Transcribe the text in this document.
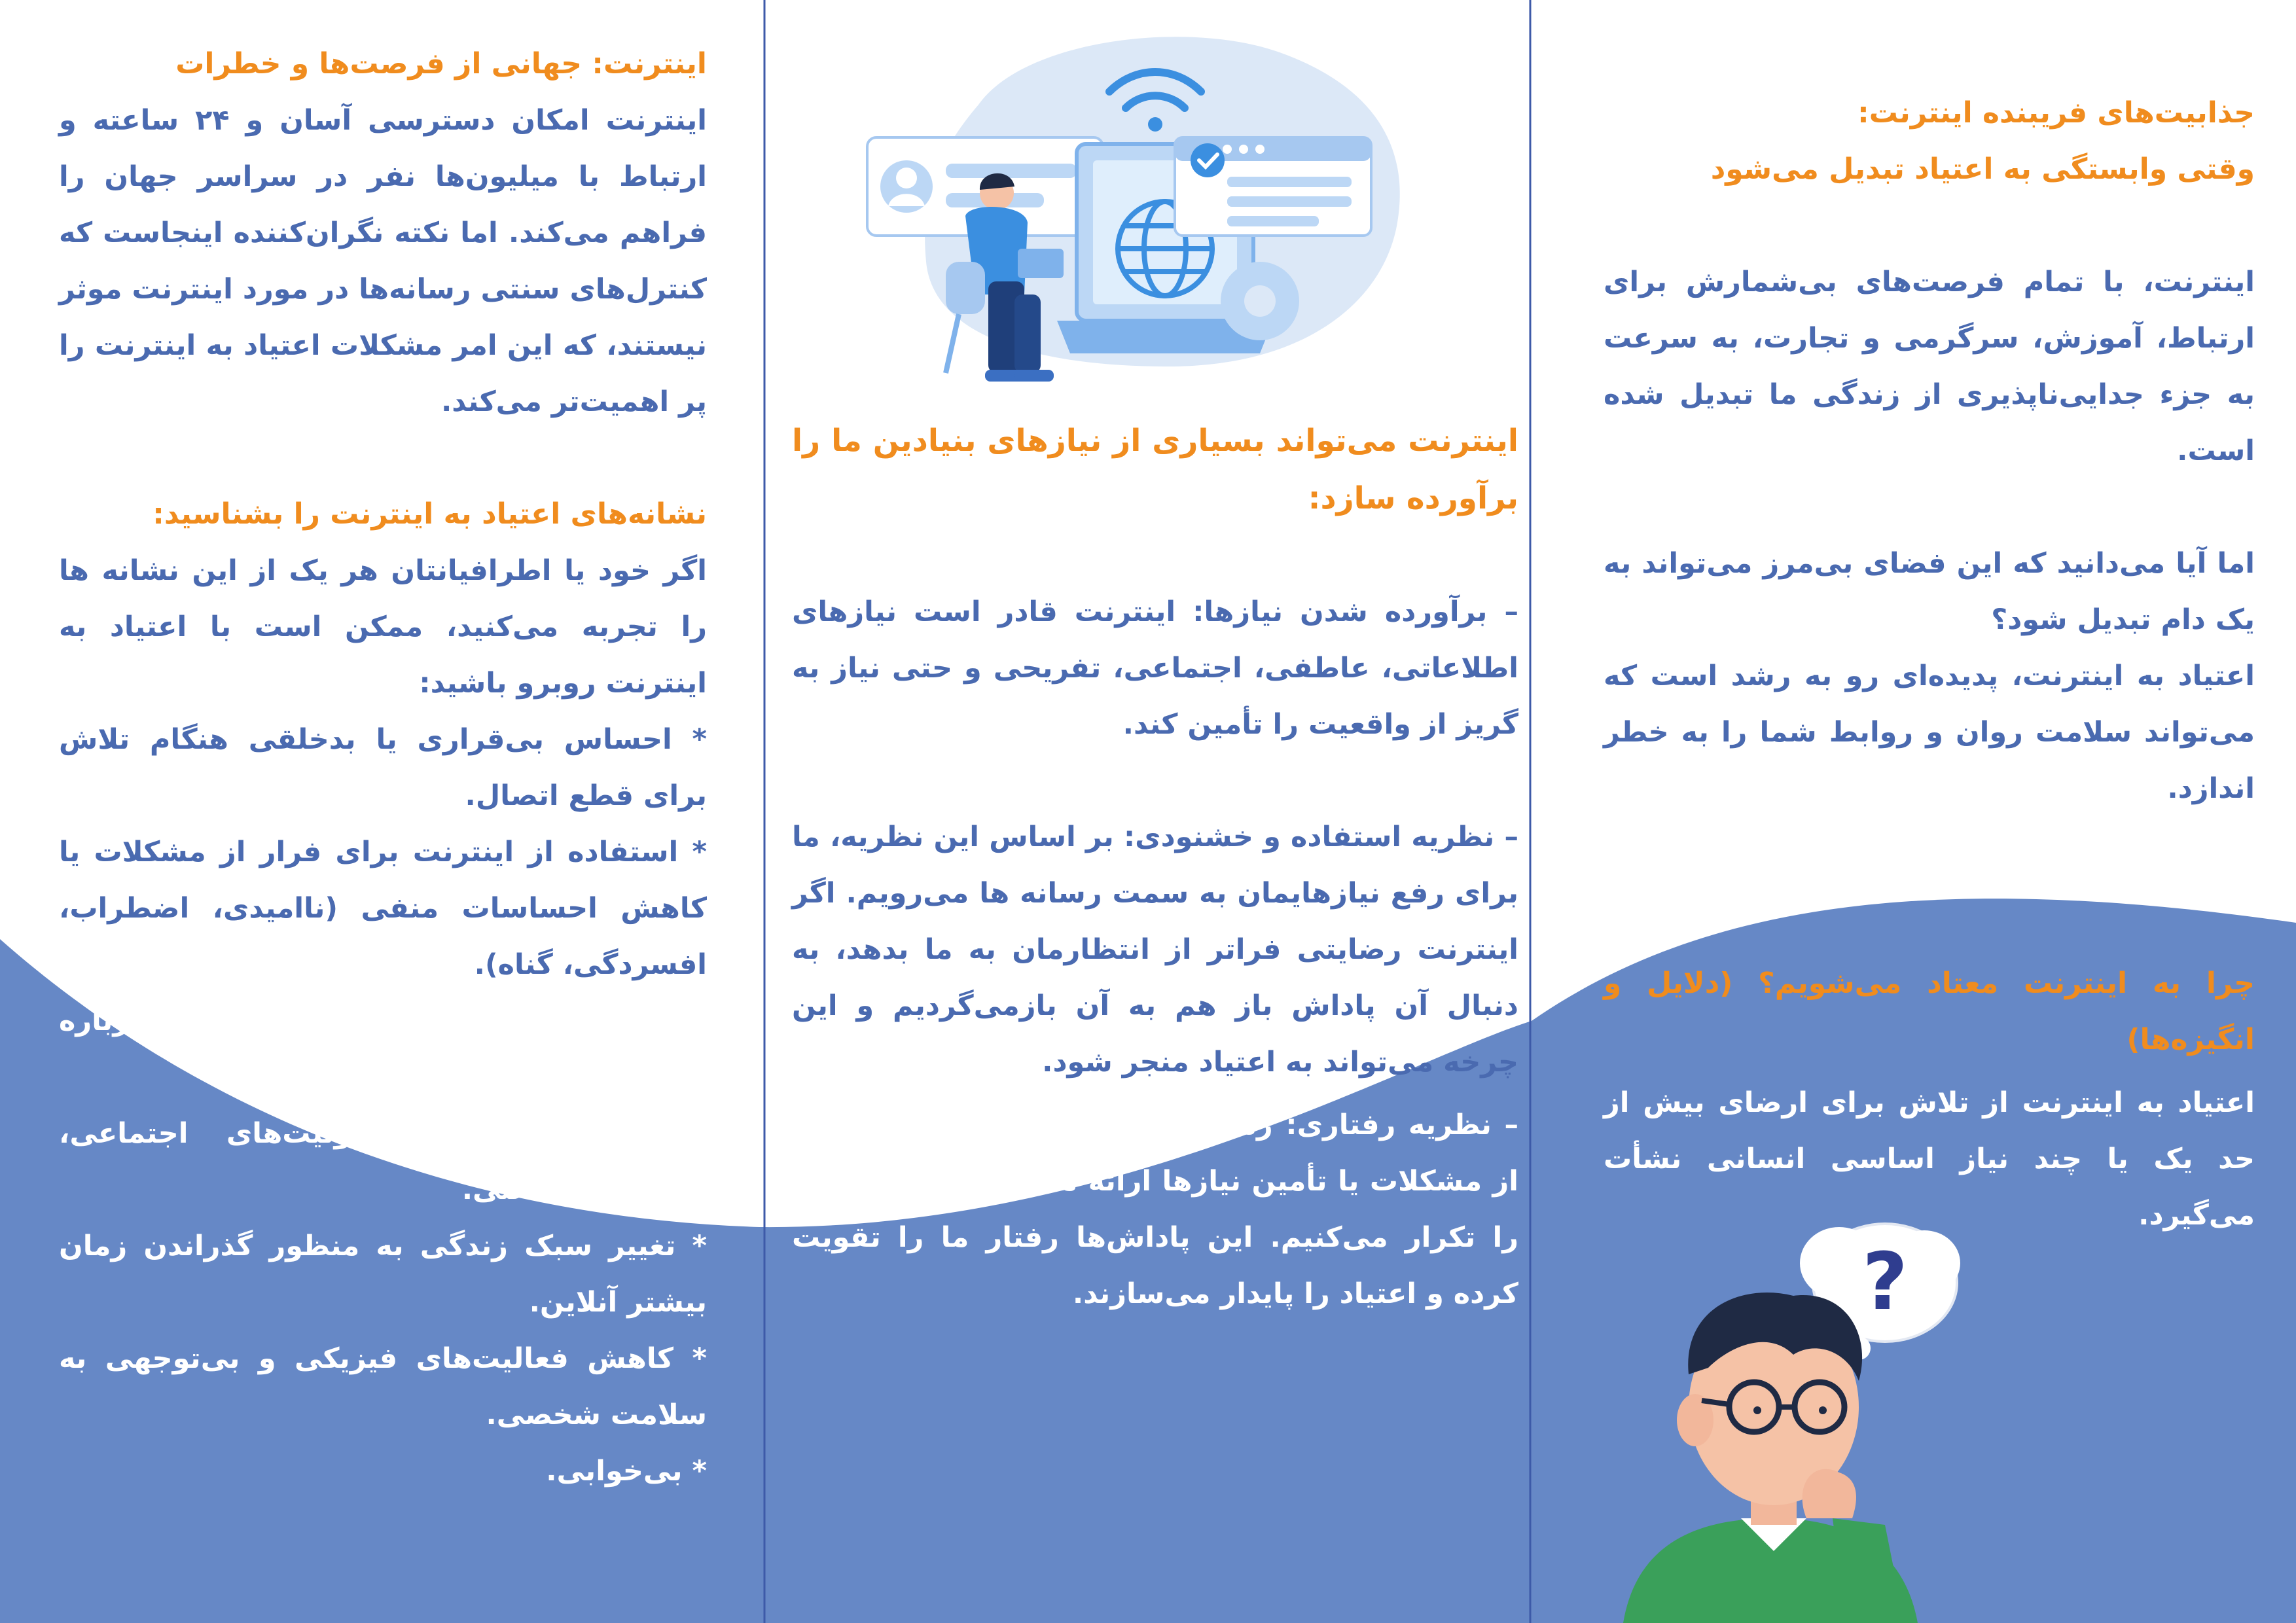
جذابیت‌های فریبنده اینترنت:

وقتی وابستگی به اعتیاد تبدیل می‌شود

اینترنت، با تمام فرصت‌های بی‌شمارش برای ارتباط، آموزش، سرگرمی و تجارت، به سرعت به جزء جدایی‌ناپذیری از زندگی ما تبدیل شده است.

اما آیا می‌دانید که این فضای بی‌مرز می‌تواند به یک دام تبدیل شود؟

اعتیاد به اینترنت، پدیده‌ای رو به رشد است که می‌تواند سلامت روان و روابط شما را به خطر اندازد.

چرا به اینترنت معتاد می‌شویم؟ (دلایل و انگیزه‌ها)

اعتیاد به اینترنت از تلاش برای ارضای بیش از حد یک یا چند نیاز اساسی انسانی نشأت می‌گیرد.

?

اینترنت می‌تواند بسیاری از نیازهای بنیادین ما را برآورده سازد:

– برآورده شدن نیازها: اینترنت قادر است نیازهای اطلاعاتی، عاطفی، اجتماعی، تفریحی و حتی نیاز به گریز از واقعیت را تأمین کند.

– نظریه استفاده و خشنودی: بر اساس این نظریه، ما برای رفع نیازهایمان به سمت رسانه ها می‌رویم. اگر اینترنت رضایتی فراتر از انتظارمان به ما بدهد، به دنبال آن پاداش باز هم به آن بازمی‌گردیم و این چرخه می‌تواند به اعتیاد منجر شود.

– نظریه رفتاری: زمانی که اینترنت راهی برای فرار از مشکلات یا تأمین نیازها ارائه می‌دهد، ما این رفتار را تکرار می‌کنیم. این پاداش‌ها رفتار ما را تقویت کرده و اعتیاد را پایدار می‌سازند.

اینترنت: جهانی از فرصت‌ها و خطرات

اینترنت امکان دسترسی آسان و ۲۴ ساعته و ارتباط با میلیون‌ها نفر در سراسر جهان را فراهم می‌کند. اما نکته نگران‌کننده اینجاست که کنترل‌های سنتی رسانه‌ها در مورد اینترنت موثر نیستند، که این امر مشکلات اعتیاد به اینترنت را پر اهمیت‌تر می‌کند.

نشانه‌های اعتیاد به اینترنت را بشناسید:

اگر خود یا اطرافیانتان هر یک از این نشانه ها را تجربه می‌کنید، ممکن است با اعتیاد به اینترنت روبرو باشید:

* احساس بی‌قراری یا بدخلقی هنگام تلاش برای قطع اتصال.

* استفاده از اینترنت برای فرار از مشکلات یا کاهش احساسات منفی (ناامیدی، اضطراب، افسردگی، گناه).

* دروغ گفتن به خانواده و دوستان درباره میزان استفاده.

* نادیده گرفتن مسئولیت‌های اجتماعی، تحصیلی یا شغلی.

* تغییر سبک زندگی به منظور گذراندن زمان بیشتر آنلاین.

* کاهش فعالیت‌های فیزیکی و بی‌توجهی به سلامت شخصی.

* بی‌خوابی.
